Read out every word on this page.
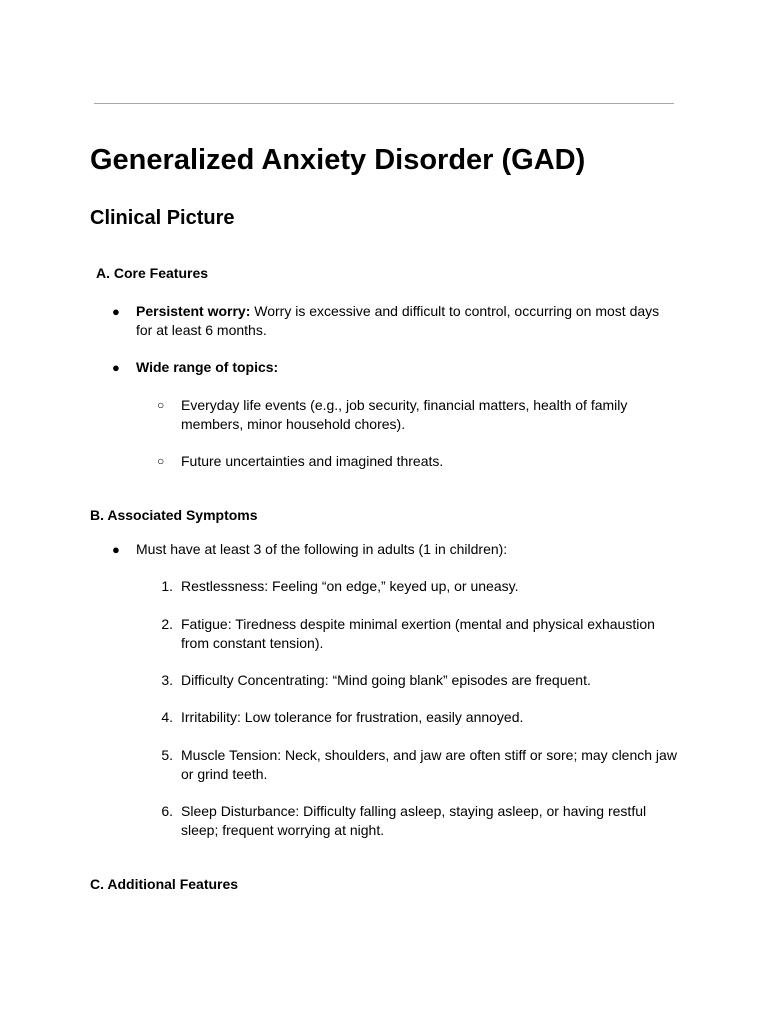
Generalized Anxiety Disorder (GAD)
Clinical Picture
A. Core Features
●	Persistent worry: Worry is excessive and difficult to control, occurring on most days for at least 6 months.
●	Wide range of topics:
○	Everyday life events (e.g., job security, financial matters, health of family members, minor household chores).
○	Future uncertainties and imagined threats.
B. Associated Symptoms
●	Must have at least 3 of the following in adults (1 in children):
1. Restlessness: Feeling “on edge,” keyed up, or uneasy.
2. Fatigue: Tiredness despite minimal exertion (mental and physical exhaustion from constant tension).
3. Difficulty Concentrating: “Mind going blank” episodes are frequent.
4. Irritability: Low tolerance for frustration, easily annoyed.
5. Muscle Tension: Neck, shoulders, and jaw are often stiff or sore; may clench jaw or grind teeth.
6. Sleep Disturbance: Difficulty falling asleep, staying asleep, or having restful sleep; frequent worrying at night.
C. Additional Features
